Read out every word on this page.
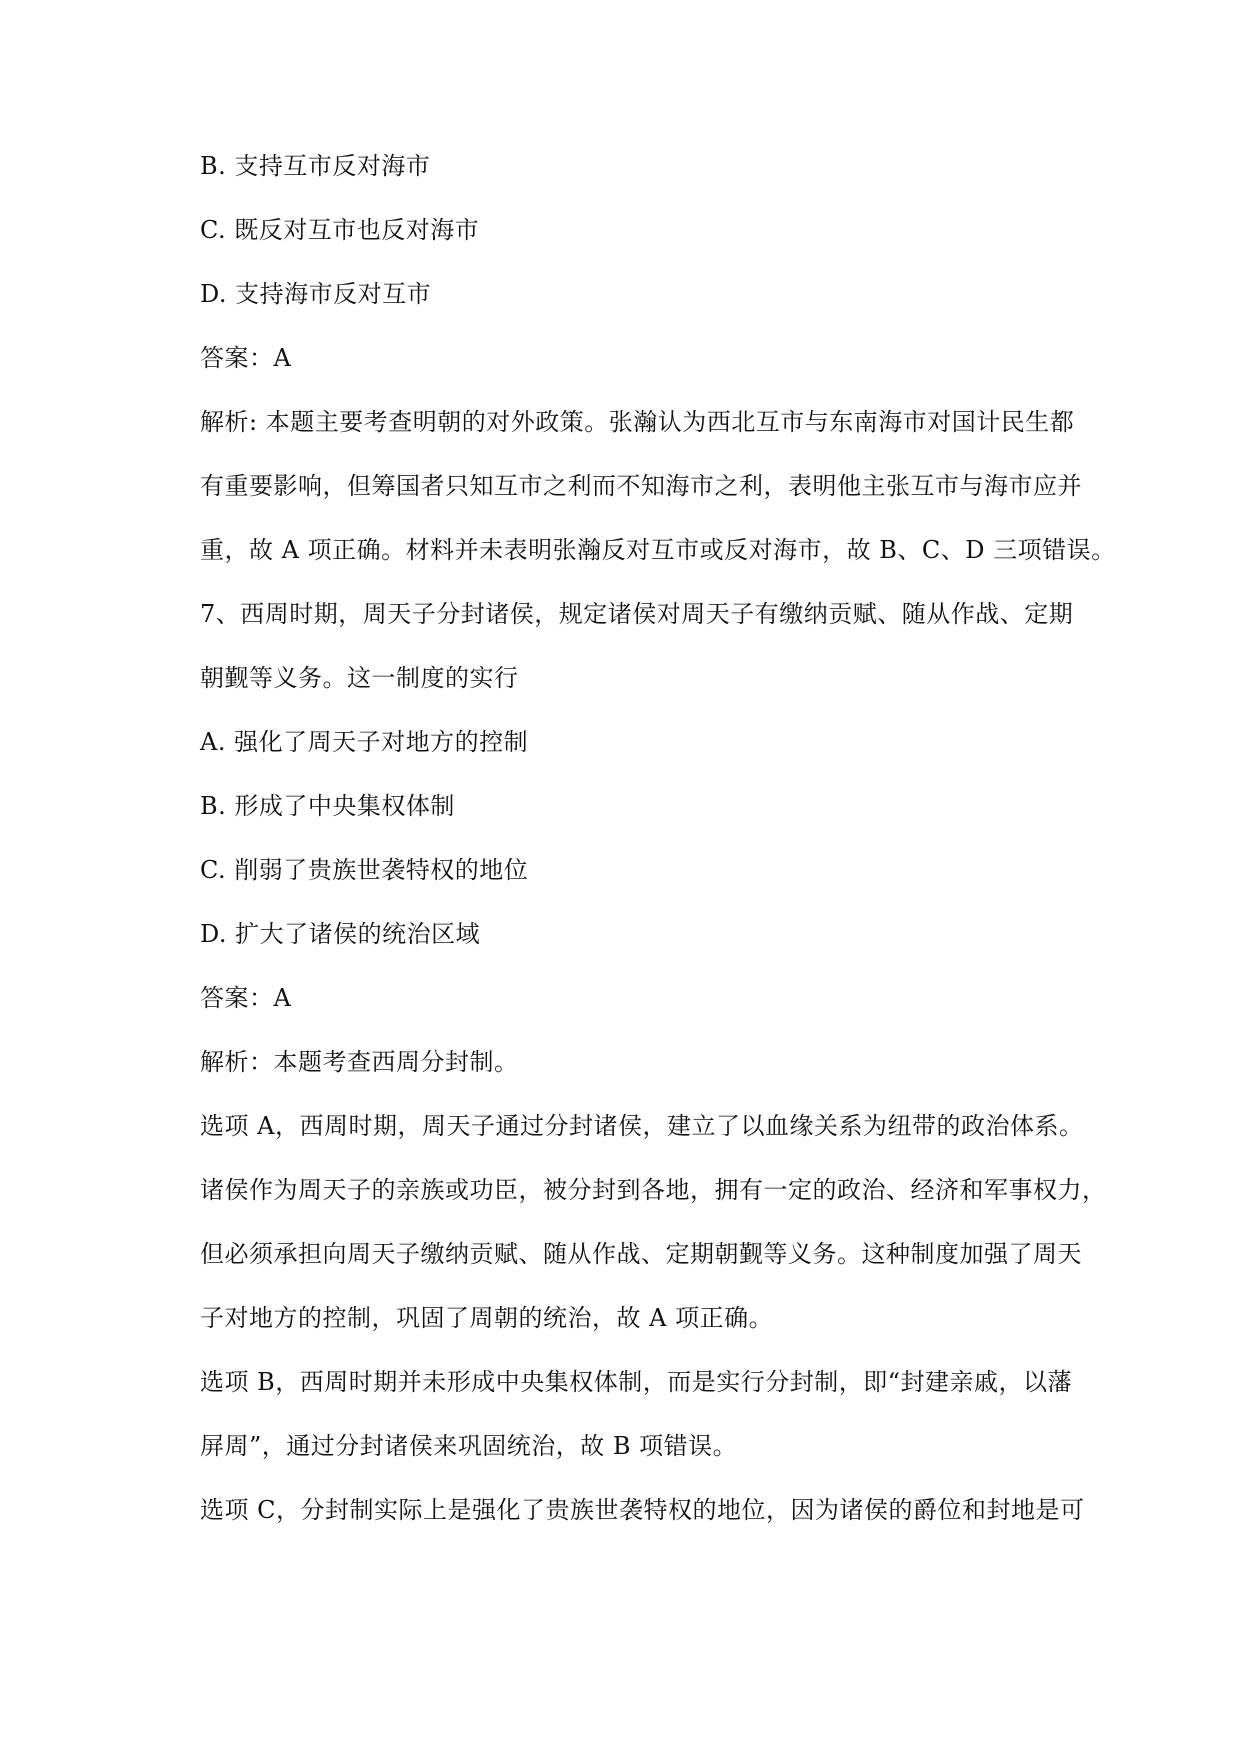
B. 支持互市反对海市
C. 既反对互市也反对海市
D. 支持海市反对互市
答案：A
解析: 本题主要考查明朝的对外政策。张瀚认为西北互市与东南海市对国计民生都
有重要影响，但筹国者只知互市之利而不知海市之利，表明他主张互市与海市应并
重，故 A 项正确。材料并未表明张瀚反对互市或反对海市，故 B、C、D 三项错误。
7、西周时期，周天子分封诸侯，规定诸侯对周天子有缴纳贡赋、随从作战、定期
朝觐等义务。这一制度的实行
A. 强化了周天子对地方的控制
B. 形成了中央集权体制
C. 削弱了贵族世袭特权的地位
D. 扩大了诸侯的统治区域
答案：A
解析：本题考查西周分封制。
选项 A，西周时期，周天子通过分封诸侯，建立了以血缘关系为纽带的政治体系。
诸侯作为周天子的亲族或功臣，被分封到各地，拥有一定的政治、经济和军事权力，
但必须承担向周天子缴纳贡赋、随从作战、定期朝觐等义务。这种制度加强了周天
子对地方的控制，巩固了周朝的统治，故 A 项正确。
选项 B，西周时期并未形成中央集权体制，而是实行分封制，即“封建亲戚，以藩
屏周”，通过分封诸侯来巩固统治，故 B 项错误。
选项 C，分封制实际上是强化了贵族世袭特权的地位，因为诸侯的爵位和封地是可
